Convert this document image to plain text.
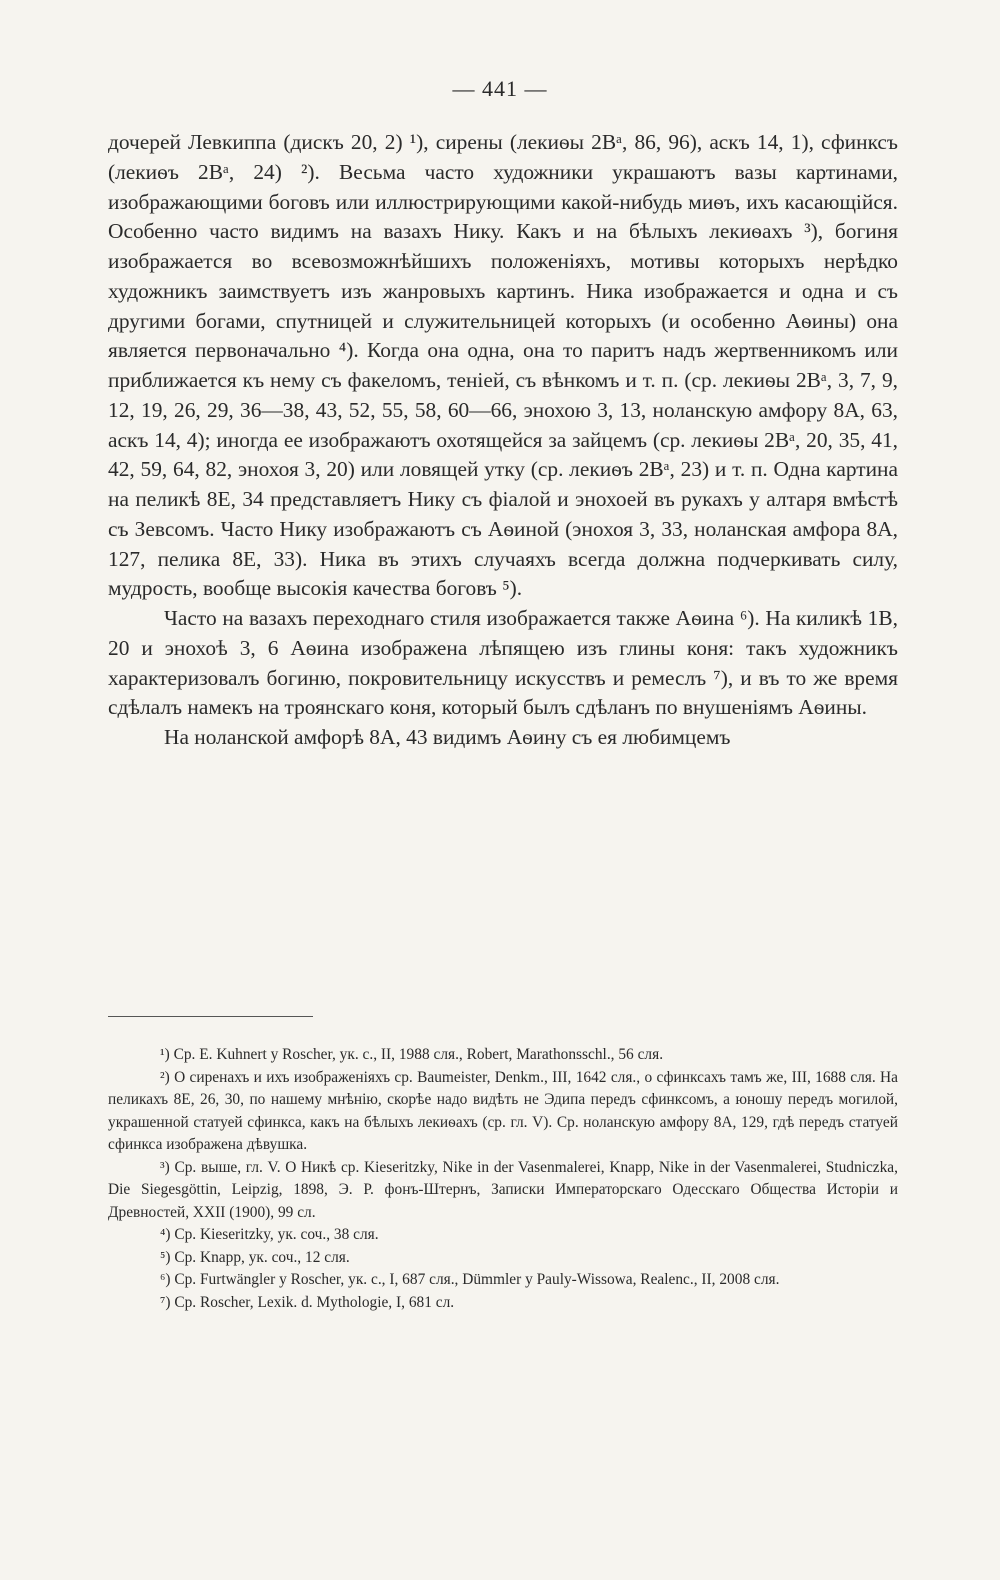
— 441 —

дочерей Левкиппа (дискъ 20, 2) ¹), сирены (лекиѳы 2Вᵃ, 86, 96), аскъ 14, 1), сфинксъ (лекиѳъ 2Вᵃ, 24) ²). Весьма часто художники украшаютъ вазы картинами, изображающими боговъ или иллюстрирующими какой-нибудь миѳъ, ихъ касающійся. Особенно часто видимъ на вазахъ Нику. Какъ и на бѣлыхъ лекиѳахъ ³), богиня изображается во всевозможнѣйшихъ положеніяхъ, мотивы которыхъ нерѣдко художникъ заимствуетъ изъ жанровыхъ картинъ. Ника изображается и одна и съ другими богами, спутницей и служительницей которыхъ (и особенно Аѳины) она является первоначально ⁴). Когда она одна, она то паритъ надъ жертвенникомъ или приближается къ нему съ факеломъ, теніей, съ вѣнкомъ и т. п. (ср. лекиѳы 2Вᵃ, 3, 7, 9, 12, 19, 26, 29, 36—38, 43, 52, 55, 58, 60—66, энохою 3, 13, ноланскую амфору 8А, 63, аскъ 14, 4); иногда ее изображаютъ охотящейся за зайцемъ (ср. лекиѳы 2Вᵃ, 20, 35, 41, 42, 59, 64, 82, энохоя 3, 20) или ловящей утку (ср. лекиѳъ 2Вᵃ, 23) и т. п. Одна картина на пеликѣ 8Е, 34 представляетъ Нику съ фіалой и энохоей въ рукахъ у алтаря вмѣстѣ съ Зевсомъ. Часто Нику изображаютъ съ Аѳиной (энохоя 3, 33, ноланская амфора 8А, 127, пелика 8Е, 33). Ника въ этихъ случаяхъ всегда должна подчеркивать силу, мудрость, вообще высокія качества боговъ ⁵).

Часто на вазахъ переходнаго стиля изображается также Аѳина ⁶). На киликѣ 1В, 20 и энохоѣ 3, 6 Аѳина изображена лѣпящею изъ глины коня: такъ художникъ характеризовалъ богиню, покровительницу искусствъ и ремеслъ ⁷), и въ то же время сдѣлалъ намекъ на троянскаго коня, который былъ сдѣланъ по внушеніямъ Аѳины.

На ноланской амфорѣ 8А, 43 видимъ Аѳину съ ея любимцемъ

¹) Ср. Е. Kuhnert у Roscher, ук. с., II, 1988 сля., Robert, Marathonsschl., 56 сля.

²) О сиренахъ и ихъ изображеніяхъ ср. Baumeister, Denkm., III, 1642 сля., о сфинксахъ тамъ же, III, 1688 сля. На пеликахъ 8E, 26, 30, по нашему мнѣнію, скорѣе надо видѣть не Эдипа передъ сфинксомъ, а юношу передъ могилой, украшенной статуей сфинкса, какъ на бѣлыхъ лекиѳахъ (ср. гл. V). Ср. ноланскую амфору 8А, 129, гдѣ передъ статуей сфинкса изображена дѣвушка.

³) Ср. выше, гл. V. О Никѣ ср. Kieseritzky, Nike in der Vasenmalerei, Knapp, Nike in der Vasenmalerei, Studniczka, Die Siegesgöttin, Leipzig, 1898, Э. Р. фонъ-Штернъ, Записки Императорскаго Одесскаго Общества Исторіи и Древностей, XXII (1900), 99 сл.

⁴) Ср. Kieseritzky, ук. соч., 38 сля.

⁵) Ср. Knapp, ук. соч., 12 сля.

⁶) Ср. Furtwängler у Roscher, ук. с., I, 687 сля., Dümmler у Pauly-Wissowa, Realenc., II, 2008 сля.

⁷) Ср. Roscher, Lexik. d. Mythologie, I, 681 сл.
